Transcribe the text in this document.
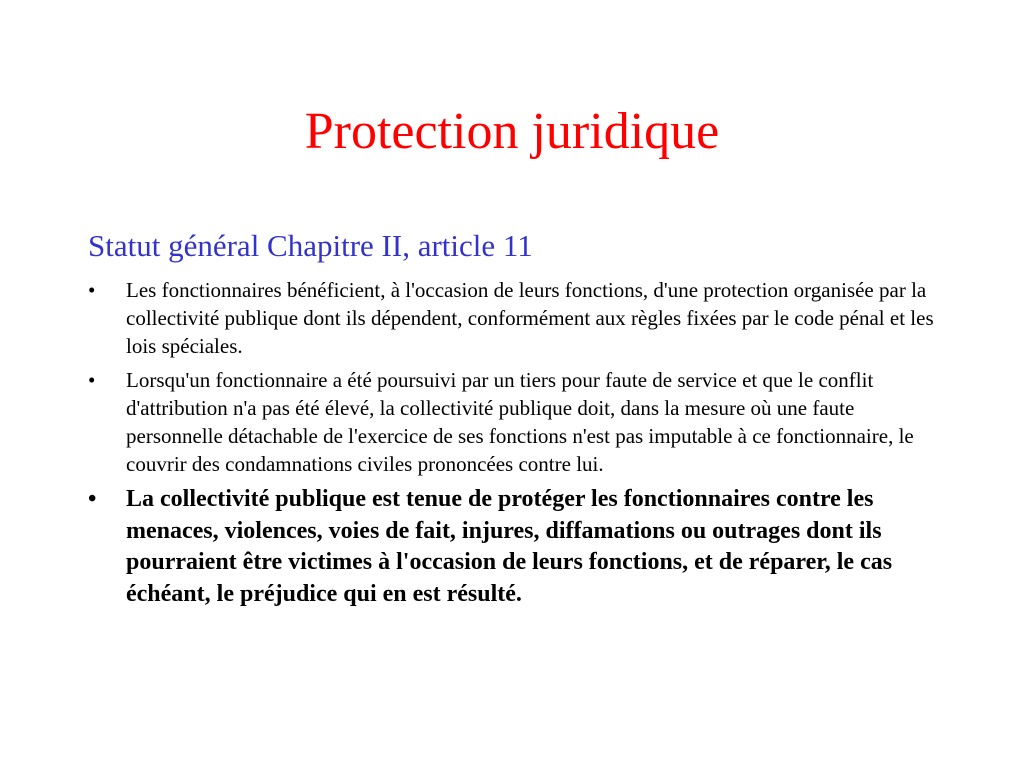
Protection juridique
Statut général Chapitre II, article 11
• Les fonctionnaires bénéficient, à l'occasion de leurs fonctions, d'une protection organisée par la collectivité publique dont ils dépendent, conformément aux règles fixées par le code pénal et les lois spéciales.
• Lorsqu'un fonctionnaire a été poursuivi par un tiers pour faute de service et que le conflit d'attribution n'a pas été élevé, la collectivité publique doit, dans la mesure où une faute personnelle détachable de l'exercice de ses fonctions n'est pas imputable à ce fonctionnaire, le couvrir des condamnations civiles prononcées contre lui.
• La collectivité publique est tenue de protéger les fonctionnaires contre les menaces, violences, voies de fait, injures, diffamations ou outrages dont ils pourraient être victimes à l'occasion de leurs fonctions, et de réparer, le cas échéant, le préjudice qui en est résulté.
